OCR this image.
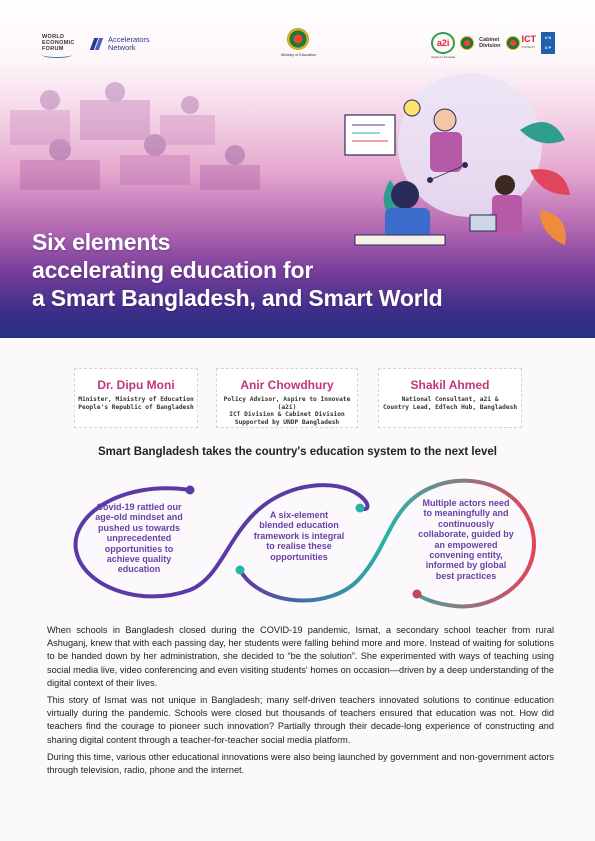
WORLD
ECONOMIC
FORUM
Accelerators
Network
Ministry of Education
a2i
Aspire to Innovate
Cabinet
Division
ICT
DIVISION
U N
D P
Six elements
accelerating education for
a Smart Bangladesh, and Smart World
Dr. Dipu Moni
Minister, Ministry of Education
People's Republic of Bangladesh
Anir Chowdhury
Policy Advisor, Aspire to Innovate (a2i)
ICT Division & Cabinet Division
Supported by UNDP Bangladesh
Shakil Ahmed
National Consultant, a2i &
Country Lead, EdTech Hub, Bangladesh
Smart Bangladesh takes the country's education system to the next level
Covid-19 rattled our
age-old mindset and
pushed us towards
unprecedented
opportunities to
achieve quality
education
A six-element
blended education
framework is integral
to realise these
opportunities
Multiple actors need
to meaningfully and
continuously
collaborate, guided by
an empowered
convening entity,
informed by global
best practices

When schools in Bangladesh closed during the COVID-19 pandemic, Ismat, a secondary school teacher from rural Ashuganj, knew that with each passing day, her students were falling behind more and more. Instead of waiting for solutions to be handed down by her administration, she decided to “be the solution”. She experimented with ways of teaching using social media live, video conferencing and even visiting students' homes on occasion—driven by a deep understanding of the digital context of their lives.

This story of Ismat was not unique in Bangladesh; many self-driven teachers innovated solutions to continue education virtually during the pandemic. Schools were closed but thousands of teachers ensured that education was not. How did teachers find the courage to pioneer such innovation? Partially through their decade-long experience of constructing and sharing digital content through a teacher-for-teacher social media platform.

During this time, various other educational innovations were also being launched by government and non-government actors through television, radio, phone and the internet.
